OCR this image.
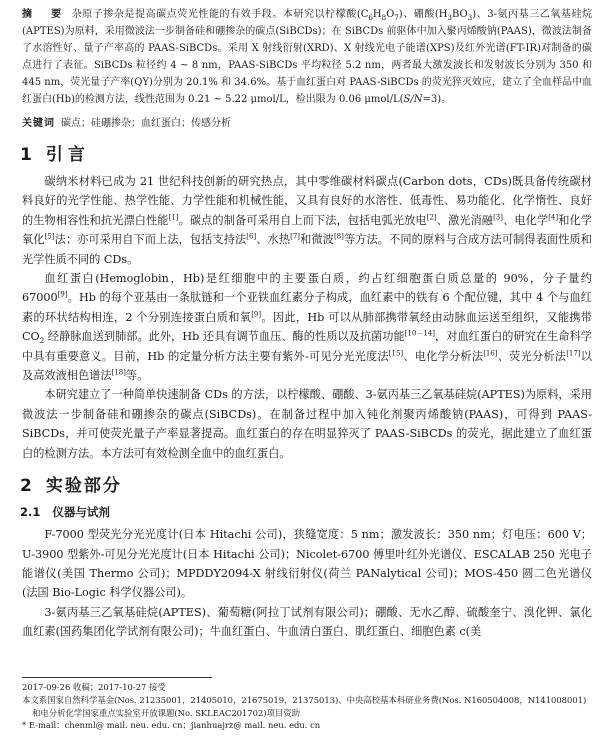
摘　要 杂原子掺杂是提高碳点荧光性能的有效手段。本研究以柠檬酸$(C_6H_8O_7)$、硼酸$(H_3BO_3)$、3-氨丙基三乙氧基硅烷(APTES)为原料，采用微波法一步制备硅和硼掺杂的碳点(SiBCDs)；在 SiBCDs 前驱体中加入聚丙烯酸钠(PAAS)，微波法制备了水溶性好、量子产率高的 PAAS-SiBCDs。采用 X 射线衍射(XRD)、X 射线光电子能谱(XPS)及红外光谱(FT-IR)对制备的碳点进行了表征。SiBCDs 粒径约 4 ~ 8 nm，PAAS-SiBCDs 平均粒径 5.2 nm，两者最大激发波长和发射波长分别为 350 和 445 nm，荧光量子产率(QY)分别为 20.1% 和 34.6%。基于血红蛋白对 PAAS-SiBCDs 的荧光猝灭效应，建立了全血样品中血红蛋白(Hb)的检测方法，线性范围为 0.21 ~ 5.22 μmol/L，检出限为 0.06 μmol/L(S/N=3)。

关键词 碳点；硅硼掺杂；血红蛋白；传感分析

1 引言

碳纳米材料已成为 21 世纪科技创新的研究热点，其中零维碳材料碳点(Carbon dots，CDs)既具备传统碳材料良好的光学性能、热学性能、力学性能和机械性能，又具有良好的水溶性、低毒性、易功能化、化学惰性、良好的生物相容性和抗光漂白性能[1]。碳点的制备可采用自上而下法，包括电弧光放电[2]、激光消融[3]、电化学[4]和化学氧化[5]法；亦可采用自下而上法，包括支持法[6]、水热[7]和微波[8]等方法。不同的原料与合成方法可制得表面性质和光学性质不同的 CDs。

血红蛋白(Hemoglobin，Hb)是红细胞中的主要蛋白质，约占红细胞蛋白质总量的 90%，分子量约 67000[9]。Hb 的每个亚基由一条肽链和一个亚铁血红素分子构成，血红素中的铁有 6 个配位键，其中 4 个与血红素的环状结构相连，2 个分别连接蛋白质和氧[9]。因此，Hb 可以从肺部携带氧经由动脉血运送至组织，又能携带 $CO_2$ 经静脉血送到肺部。此外，Hb 还具有调节血压、酶的性质以及抗菌功能[10－14]，对血红蛋白的研究在生命科学中具有重要意义。目前，Hb 的定量分析方法主要有紫外-可见分光光度法[15]、电化学分析法[16]、荧光分析法[17]以及高效液相色谱法[18]等。

本研究建立了一种简单快速制备 CDs 的方法，以柠檬酸、硼酸、3-氨丙基三乙氧基硅烷(APTES)为原料，采用微波法一步制备硅和硼掺杂的碳点(SiBCDs)。在制备过程中加入钝化剂聚丙烯酸钠(PAAS)，可得到 PAAS-SiBCDs，并可使荧光量子产率显著提高。血红蛋白的存在明显猝灭了 PAAS-SiBCDs 的荧光，据此建立了血红蛋白的检测方法。本方法可有效检测全血中的血红蛋白。

2 实验部分
2.1 仪器与试剂

F-7000 型荧光分光光度计(日本 Hitachi 公司)，狭缝宽度：5 nm；激发波长：350 nm；灯电压：600 V；U-3900 型紫外-可见分光光度计(日本 Hitachi 公司)；Nicolet-6700 傅里叶红外光谱仪、ESCALAB 250 光电子能谱仪(美国 Thermo 公司)；MPDDY2094-X 射线衍射仪(荷兰 PANalytical 公司)；MOS-450 圆二色光谱仪(法国 Bio-Logic 科学仪器公司)。

3-氨丙基三乙氧基硅烷(APTES)、葡萄糖(阿拉丁试剂有限公司)；硼酸、无水乙醇、硫酸奎宁、溴化钾、氯化血红素(国药集团化学试剂有限公司)；牛血红蛋白、牛血清白蛋白、肌红蛋白、细胞色素 c(美

2017-09-26 收稿；2017-10-27 接受

本文系国家自然科学基金(Nos. 21235001，21405010，21675019，21375013)、中央高校基本科研业务费(Nos. N160504008，N141008001)

和电分析化学国家重点实验室开放课题(No. SKLEAC201702)项目资助

* E-mail：chenml@ mail. neu. edu. cn；jianhuajrz@ mail. neu. edu. cn
